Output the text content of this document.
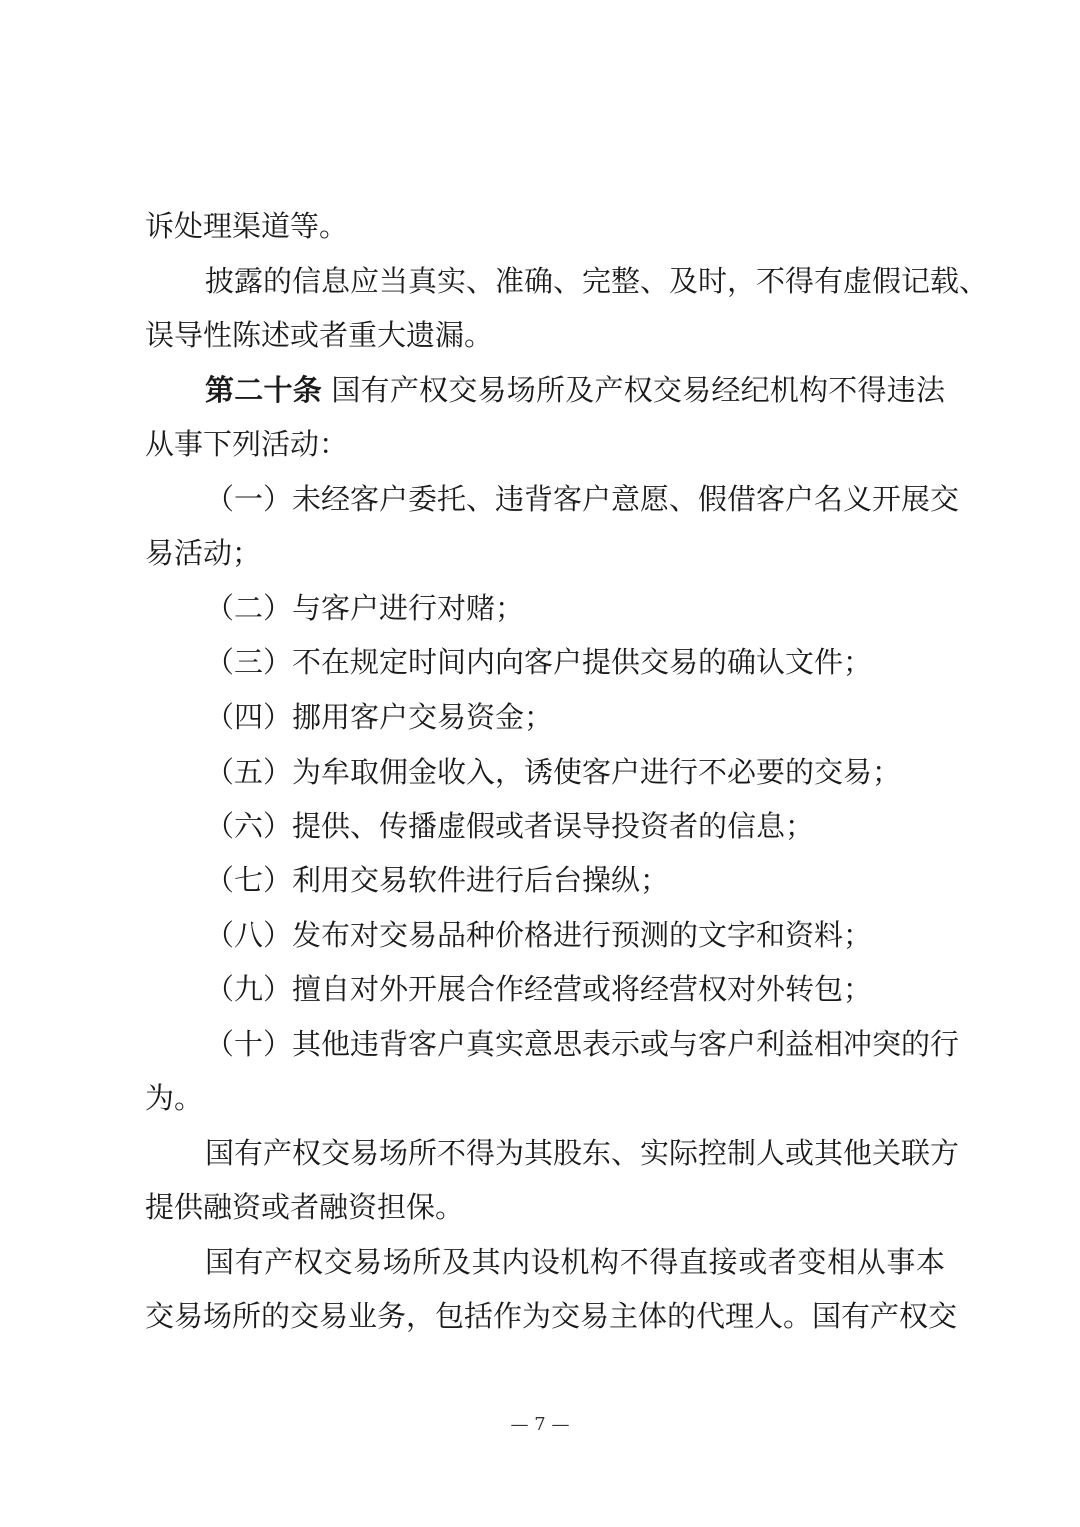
诉处理渠道等。
披露的信息应当真实、准确、完整、及时，不得有虚假记载、
误导性陈述或者重大遗漏。
第二十条 国有产权交易场所及产权交易经纪机构不得违法
从事下列活动：
（一）未经客户委托、违背客户意愿、假借客户名义开展交
易活动；
（二）与客户进行对赌；
（三）不在规定时间内向客户提供交易的确认文件；
（四）挪用客户交易资金；
（五）为牟取佣金收入，诱使客户进行不必要的交易；
（六）提供、传播虚假或者误导投资者的信息；
（七）利用交易软件进行后台操纵；
（八）发布对交易品种价格进行预测的文字和资料；
（九）擅自对外开展合作经营或将经营权对外转包；
（十）其他违背客户真实意思表示或与客户利益相冲突的行
为。
国有产权交易场所不得为其股东、实际控制人或其他关联方
提供融资或者融资担保。
国有产权交易场所及其内设机构不得直接或者变相从事本
交易场所的交易业务，包括作为交易主体的代理人。国有产权交
— 7 —
